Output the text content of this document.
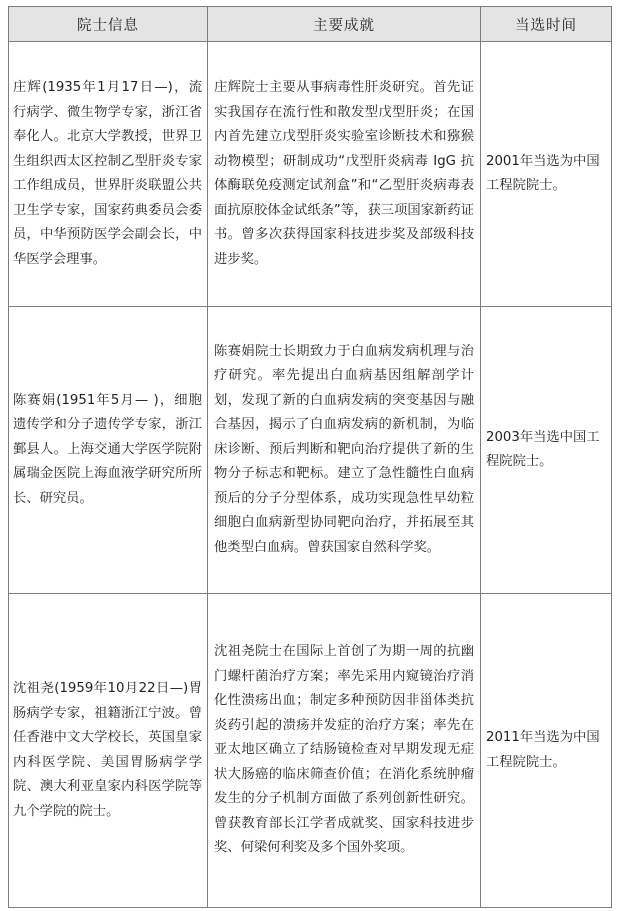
院士信息	主要成就	当选时间
庄辉(1935年1月17日—)，流行病学、微生物学专家，浙江省奉化人。北京大学教授，世界卫生组织西太区控制乙型肝炎专家工作组成员，世界肝炎联盟公共卫生学专家，国家药典委员会委员，中华预防医学会副会长，中华医学会理事。	庄辉院士主要从事病毒性肝炎研究。首先证实我国存在流行性和散发型戊型肝炎；在国内首先建立戊型肝炎实验室诊断技术和猕猴动物模型；研制成功“戊型肝炎病毒 IgG 抗体酶联免疫测定试剂盒”和“乙型肝炎病毒表面抗原胶体金试纸条”等，获三项国家新药证书。曾多次获得国家科技进步奖及部级科技进步奖。	2001年当选为中国工程院院士。
陈赛娟(1951年5月— )，细胞遗传学和分子遗传学专家，浙江鄞县人。上海交通大学医学院附属瑞金医院上海血液学研究所所长、研究员。	陈赛娟院士长期致力于白血病发病机理与治疗研究。率先提出白血病基因组解剖学计划，发现了新的白血病发病的突变基因与融合基因，揭示了白血病发病的新机制，为临床诊断、预后判断和靶向治疗提供了新的生物分子标志和靶标。建立了急性髓性白血病预后的分子分型体系，成功实现急性早幼粒细胞白血病新型协同靶向治疗，并拓展至其他类型白血病。曾获国家自然科学奖。	2003年当选中国工程院院士。
沈祖尧(1959年10月22日—)胃肠病学专家，祖籍浙江宁波。曾任香港中文大学校长，英国皇家内科医学院、美国胃肠病学学院、澳大利亚皇家内科医学院等九个学院的院士。	沈祖尧院士在国际上首创了为期一周的抗幽门螺杆菌治疗方案；率先采用内窥镜治疗消化性溃疡出血；制定多种预防因非甾体类抗炎药引起的溃疡并发症的治疗方案；率先在亚太地区确立了结肠镜检查对早期发现无症状大肠癌的临床筛查价值；在消化系统肿瘤发生的分子机制方面做了系列创新性研究。曾获教育部长江学者成就奖、国家科技进步奖、何梁何利奖及多个国外奖项。	2011年当选为中国工程院院士。
